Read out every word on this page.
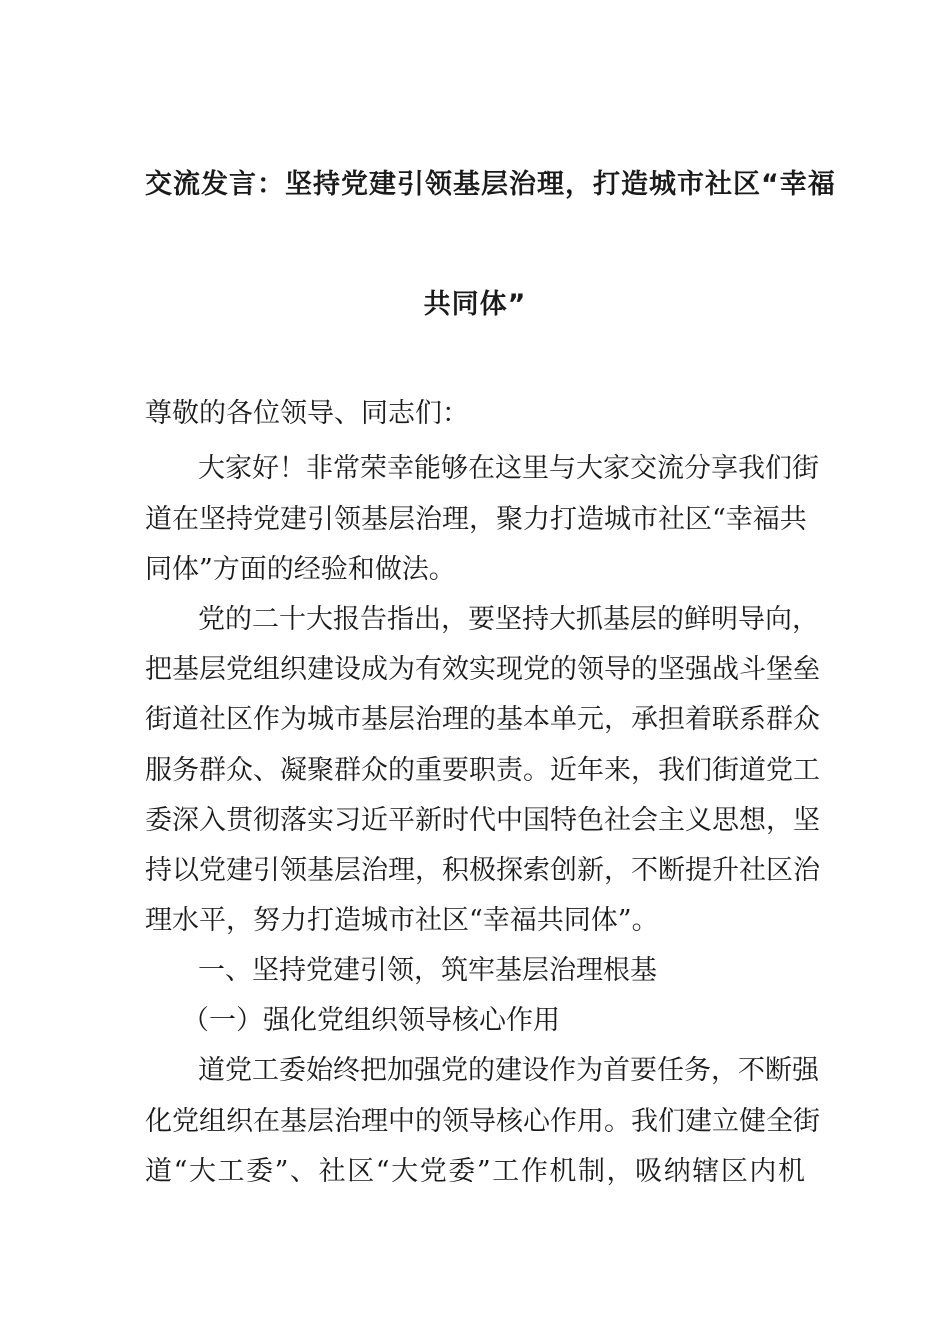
交流发言：坚持党建引领基层治理，打造城市社区“幸福
共同体”

尊敬的各位领导、同志们：

大家好！非常荣幸能够在这里与大家交流分享我们街

道在坚持党建引领基层治理，聚力打造城市社区“幸福共

同体”方面的经验和做法。

党的二十大报告指出，要坚持大抓基层的鲜明导向，

把基层党组织建设成为有效实现党的领导的坚强战斗堡垒

街道社区作为城市基层治理的基本单元，承担着联系群众

服务群众、凝聚群众的重要职责。近年来，我们街道党工

委深入贯彻落实习近平新时代中国特色社会主义思想，坚

持以党建引领基层治理，积极探索创新，不断提升社区治

理水平，努力打造城市社区“幸福共同体”。

一、坚持党建引领，筑牢基层治理根基

（一）强化党组织领导核心作用

道党工委始终把加强党的建设作为首要任务，不断强

化党组织在基层治理中的领导核心作用。我们建立健全街

道“大工委”、社区“大党委”工作机制，吸纳辖区内机
